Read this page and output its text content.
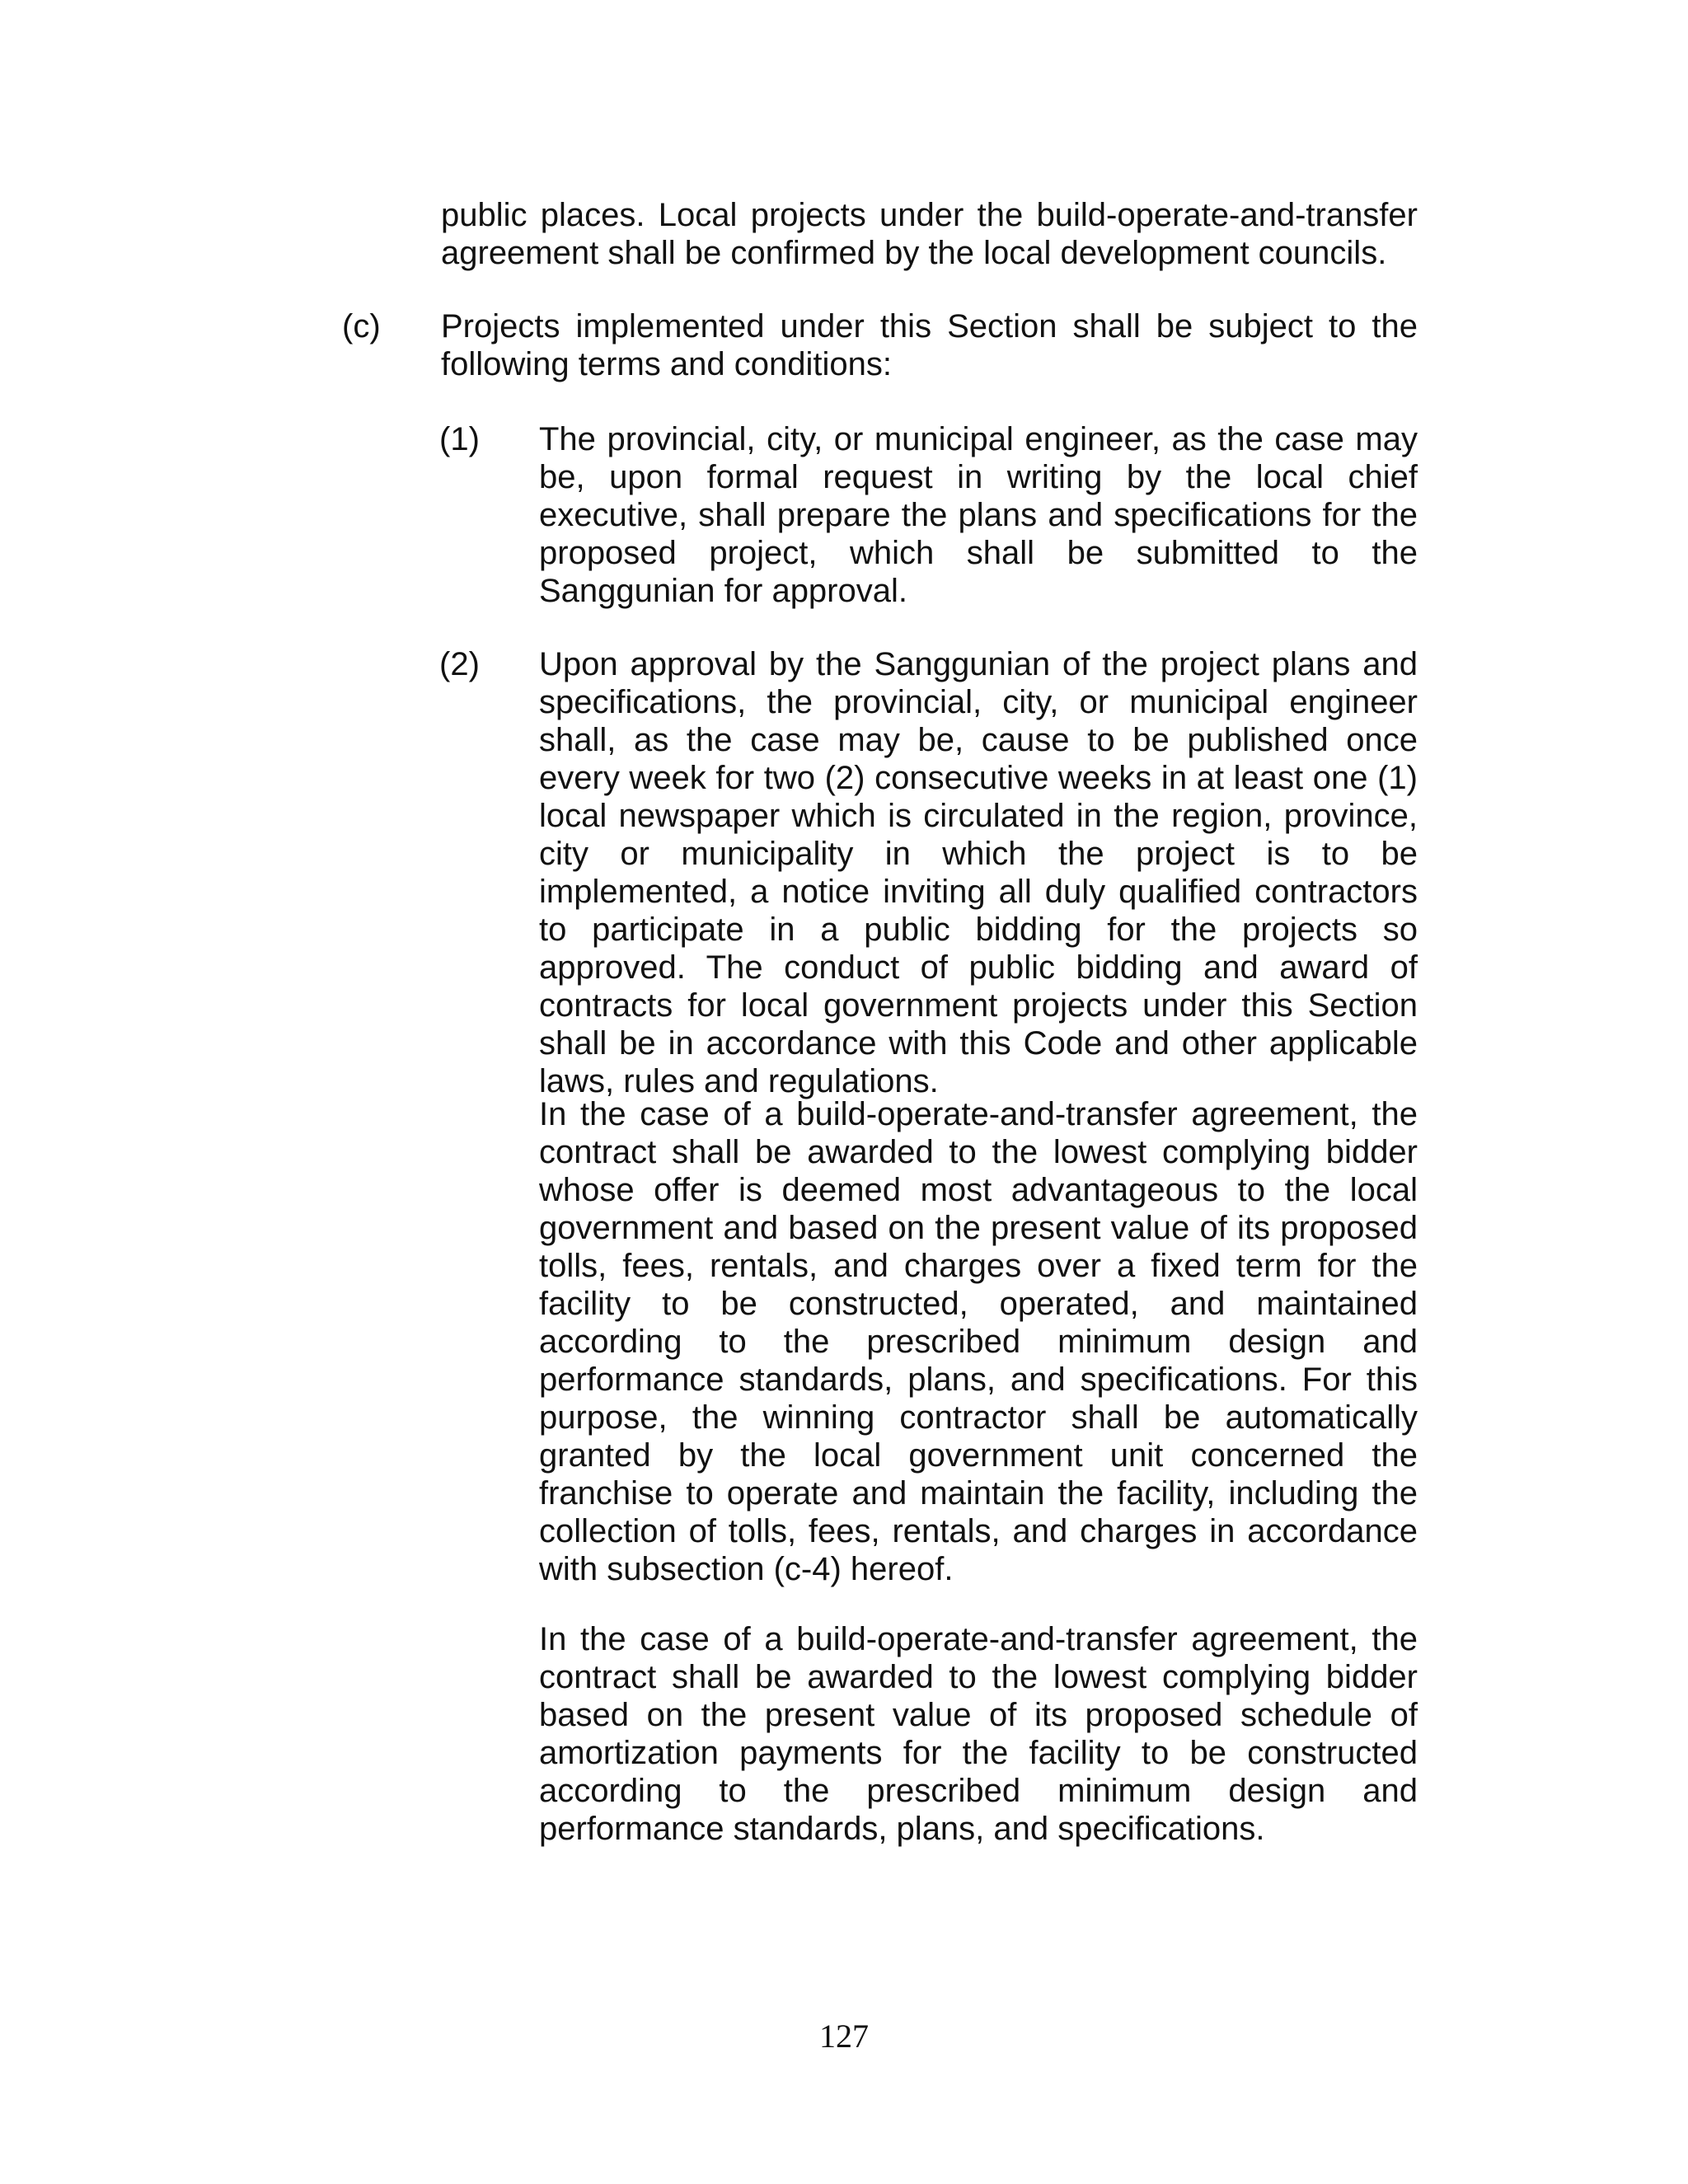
public places. Local projects under the build-operate-and-transfer agreement shall be confirmed by the local development councils.
(c) Projects implemented under this Section shall be subject to the following terms and conditions:
(1) The provincial, city, or municipal engineer, as the case may be, upon formal request in writing by the local chief executive, shall prepare the plans and specifications for the proposed project, which shall be submitted to the Sanggunian for approval.
(2) Upon approval by the Sanggunian of the project plans and specifications, the provincial, city, or municipal engineer shall, as the case may be, cause to be published once every week for two (2) consecutive weeks in at least one (1) local newspaper which is circulated in the region, province, city or municipality in which the project is to be implemented, a notice inviting all duly qualified contractors to participate in a public bidding for the projects so approved. The conduct of public bidding and award of contracts for local government projects under this Section shall be in accordance with this Code and other applicable laws, rules and regulations.
In the case of a build-operate-and-transfer agreement, the contract shall be awarded to the lowest complying bidder whose offer is deemed most advantageous to the local government and based on the present value of its proposed tolls, fees, rentals, and charges over a fixed term for the facility to be constructed, operated, and maintained according to the prescribed minimum design and performance standards, plans, and specifications. For this purpose, the winning contractor shall be automatically granted by the local government unit concerned the franchise to operate and maintain the facility, including the collection of tolls, fees, rentals, and charges in accordance with subsection (c-4) hereof.
In the case of a build-operate-and-transfer agreement, the contract shall be awarded to the lowest complying bidder based on the present value of its proposed schedule of amortization payments for the facility to be constructed according to the prescribed minimum design and performance standards, plans, and specifications.
127
